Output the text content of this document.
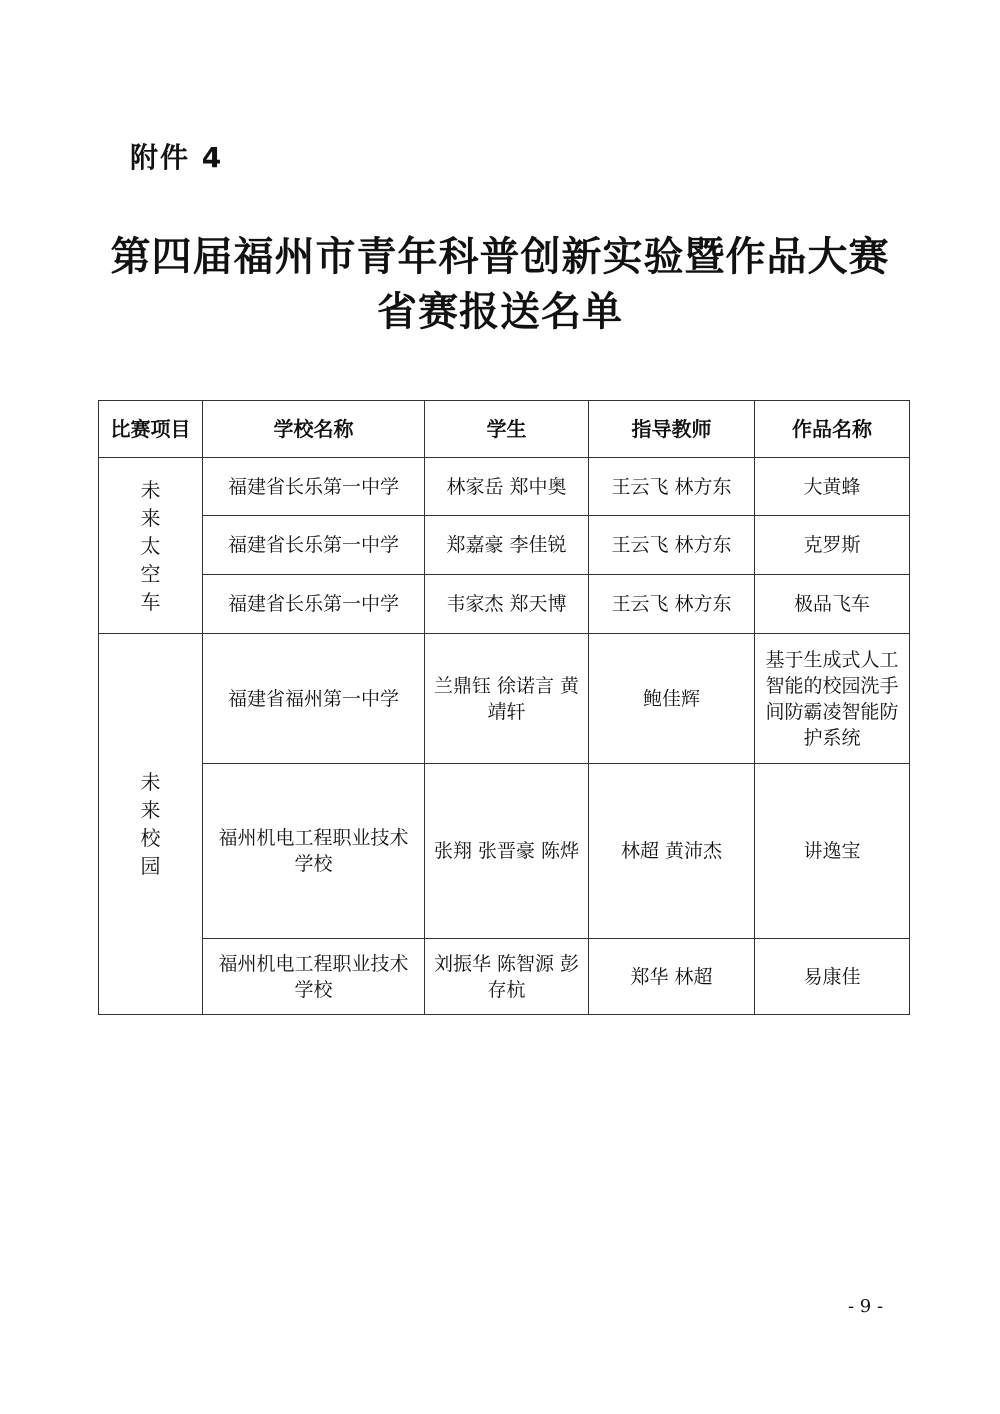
附件 4
第四届福州市青年科普创新实验暨作品大赛
省赛报送名单
比赛项目	学校名称	学生	指导教师	作品名称

未
来
太
空
车	福建省长乐第一中学	林家岳 郑中奥	王云飞 林方东	大黄蜂
	福建省长乐第一中学	郑嘉豪 李佳锐	王云飞 林方东	克罗斯
	福建省长乐第一中学	韦家杰 郑天博	王云飞 林方东	极品飞车

未
来
校
园	福建省福州第一中学	兰鼎钰 徐诺言 黄靖轩	鲍佳辉	基于生成式人工智能的校园洗手间防霸凌智能防护系统
	福州机电工程职业技术学校	张翔 张晋豪 陈烨	林超 黄沛杰	讲逸宝
	福州机电工程职业技术学校	刘振华 陈智源 彭存杭	郑华 林超	易康佳
- 9 -
